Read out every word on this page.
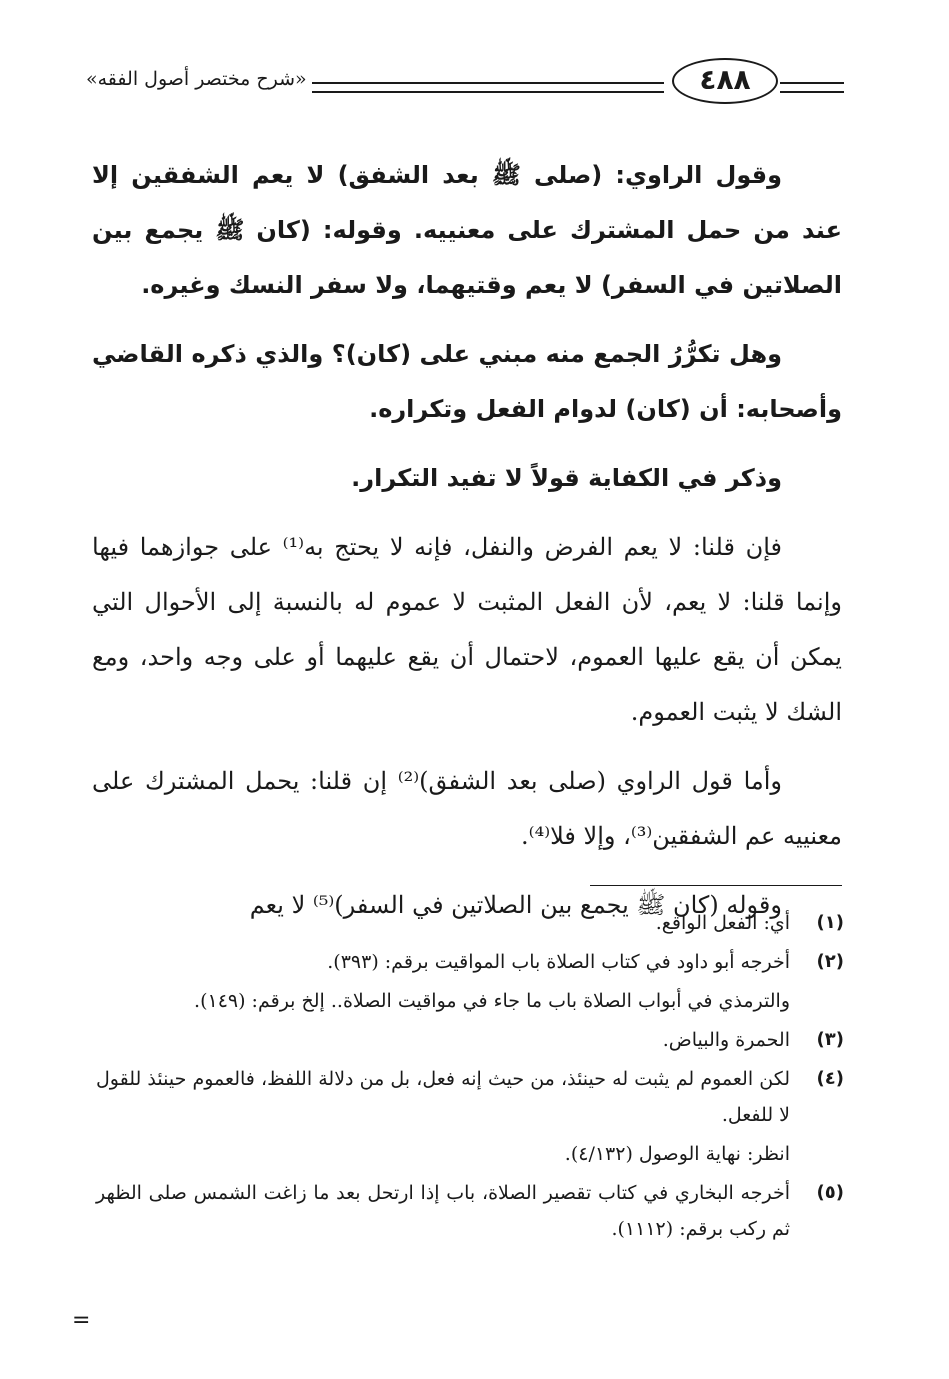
«شرح مختصر أصول الفقه»	٤٨٨

وقول الراوي: (صلى ﷺ بعد الشفق) لا يعم الشفقين إلا عند من حمل المشترك على معنييه. وقوله: (كان ﷺ يجمع بين الصلاتين في السفر) لا يعم وقتيهما، ولا سفر النسك وغيره.

وهل تكرُّرُ الجمع منه مبني على (كان)؟ والذي ذكره القاضي وأصحابه: أن (كان) لدوام الفعل وتكراره.

وذكر في الكفاية قولاً لا تفيد التكرار.

فإن قلنا: لا يعم الفرض والنفل، فإنه لا يحتج به⁽¹⁾ على جوازهما فيها وإنما قلنا: لا يعم، لأن الفعل المثبت لا عموم له بالنسبة إلى الأحوال التي يمكن أن يقع عليها العموم، لاحتمال أن يقع عليهما أو على وجه واحد، ومع الشك لا يثبت العموم.

وأما قول الراوي (صلى بعد الشفق)⁽²⁾ إن قلنا: يحمل المشترك على معنييه عم الشفقين⁽³⁾، وإلا فلا⁽⁴⁾.

وقوله (كان ﷺ يجمع بين الصلاتين في السفر)⁽⁵⁾ لا يعم

(١)
أي: الفعل الواقع.
(٢)
أخرجه أبو داود في كتاب الصلاة باب المواقيت برقم: (٣٩٣).
والترمذي في أبواب الصلاة باب ما جاء في مواقيت الصلاة.. إلخ برقم: (١٤٩).
(٣)
الحمرة والبياض.
(٤)
لكن العموم لم يثبت له حينئذ، من حيث إنه فعل، بل من دلالة اللفظ، فالعموم حينئذ للقول لا للفعل.
انظر: نهاية الوصول (٤/١٣٢).
(٥)
أخرجه البخاري في كتاب تقصير الصلاة، باب إذا ارتحل بعد ما زاغت الشمس صلى الظهر ثم ركب برقم: (١١١٢).
=
